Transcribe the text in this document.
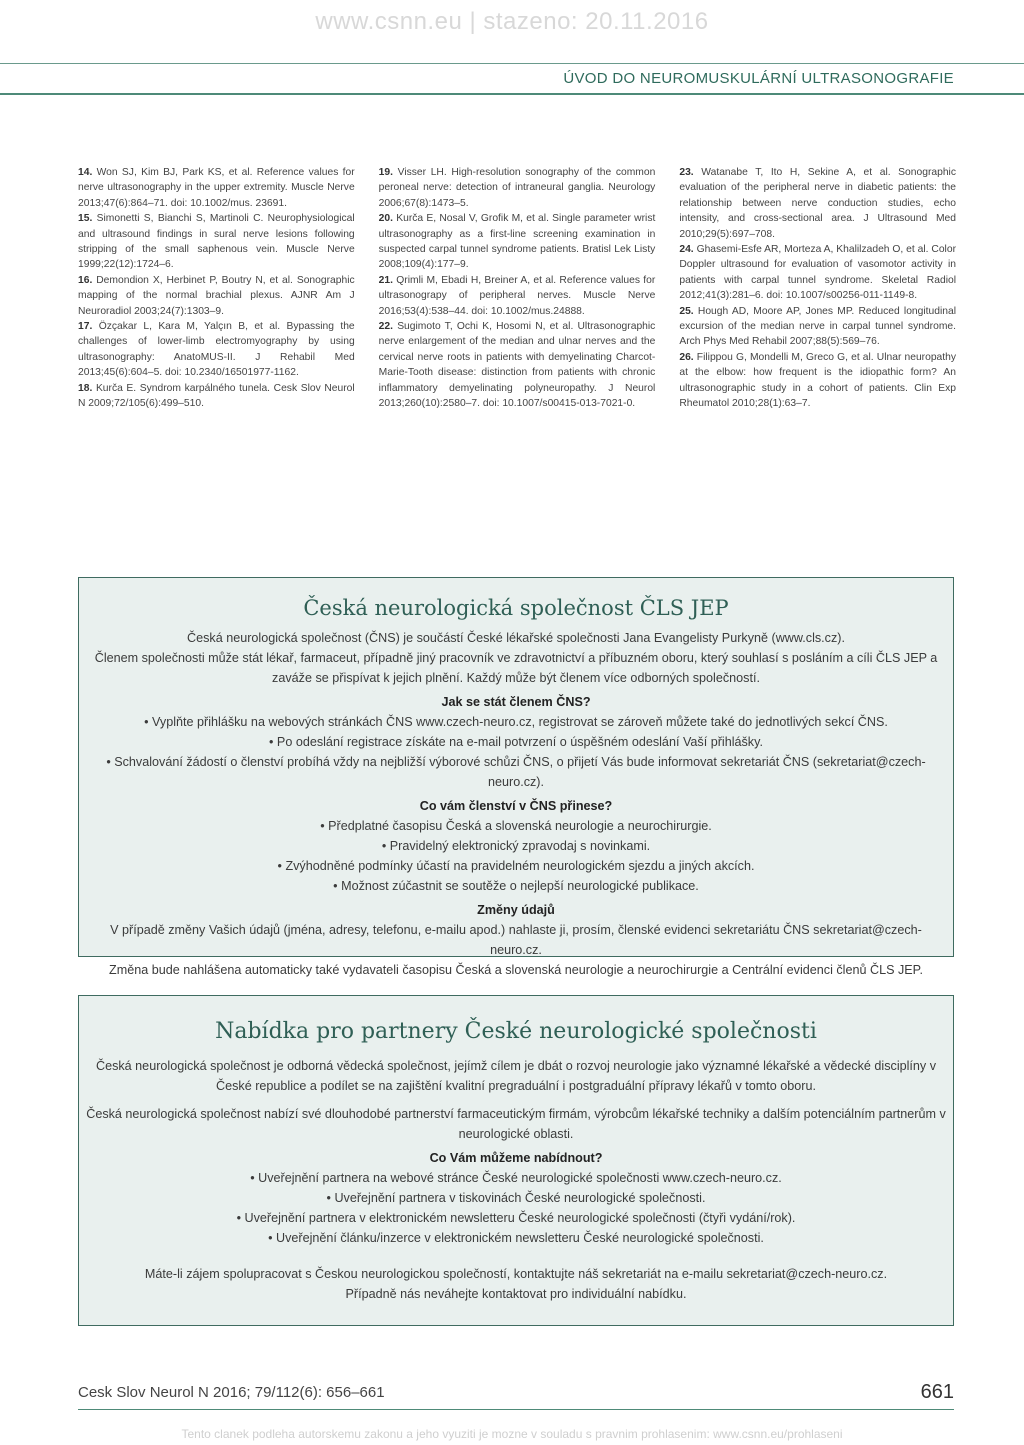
www.csnn.eu | stazeno: 20.11.2016
ÚVOD DO NEUROMUSKULÁRNÍ ULTRASONOGRAFIE

14. Won SJ, Kim BJ, Park KS, et al. Reference values for nerve ultrasonography in the upper extremity. Muscle Nerve 2013;47(6):864–71. doi: 10.1002/mus. 23691.

15. Simonetti S, Bianchi S, Martinoli C. Neurophysiological and ultrasound findings in sural nerve lesions following stripping of the small saphenous vein. Muscle Nerve 1999;22(12):1724–6.

16. Demondion X, Herbinet P, Boutry N, et al. Sonographic mapping of the normal brachial plexus. AJNR Am J Neuroradiol 2003;24(7):1303–9.

17. Özçakar L, Kara M, Yalçın B, et al. Bypassing the challenges of lower-limb electromyography by using ultrasonography: AnatoMUS-II. J Rehabil Med 2013;45(6):604–5. doi: 10.2340/16501977-1162.

18. Kurča E. Syndrom karpálného tunela. Cesk Slov Neurol N 2009;72/105(6):499–510.

19. Visser LH. High-resolution sonography of the common peroneal nerve: detection of intraneural ganglia. Neurology 2006;67(8):1473–5.

20. Kurča E, Nosal V, Grofik M, et al. Single parameter wrist ultrasonography as a first-line screening examination in suspected carpal tunnel syndrome patients. Bratisl Lek Listy 2008;109(4):177–9.

21. Qrimli M, Ebadi H, Breiner A, et al. Reference values for ultrasonograpy of peripheral nerves. Muscle Nerve 2016;53(4):538–44. doi: 10.1002/mus.24888.

22. Sugimoto T, Ochi K, Hosomi N, et al. Ultrasonographic nerve enlargement of the median and ulnar nerves and the cervical nerve roots in patients with demyelinating Charcot-Marie-Tooth disease: distinction from patients with chronic inflammatory demyelinating polyneuropathy. J Neurol 2013;260(10):2580–7. doi: 10.1007/s00415-013-7021-0.

23. Watanabe T, Ito H, Sekine A, et al. Sonographic evaluation of the peripheral nerve in diabetic patients: the relationship between nerve conduction studies, echo intensity, and cross-sectional area. J Ultrasound Med 2010;29(5):697–708.

24. Ghasemi-Esfe AR, Morteza A, Khalilzadeh O, et al. Color Doppler ultrasound for evaluation of vasomotor activity in patients with carpal tunnel syndrome. Skeletal Radiol 2012;41(3):281–6. doi: 10.1007/s00256-011-1149-8.

25. Hough AD, Moore AP, Jones MP. Reduced longitudinal excursion of the median nerve in carpal tunnel syndrome. Arch Phys Med Rehabil 2007;88(5):569–76.

26. Filippou G, Mondelli M, Greco G, et al. Ulnar neuropathy at the elbow: how frequent is the idiopathic form? An ultrasonographic study in a cohort of patients. Clin Exp Rheumatol 2010;28(1):63–7.

Česká neurologická společnost ČLS JEP

Česká neurologická společnost (ČNS) je součástí České lékařské společnosti Jana Evangelisty Purkyně (www.cls.cz).

Členem společnosti může stát lékař, farmaceut, případně jiný pracovník ve zdravotnictví a příbuzném oboru, který souhlasí s posláním a cíli ČLS JEP a zaváže se přispívat k jejich plnění. Každý může být členem více odborných společností.

Jak se stát členem ČNS?

• Vyplňte přihlášku na webových stránkách ČNS www.czech-neuro.cz, registrovat se zároveň můžete také do jednotlivých sekcí ČNS.

• Po odeslání registrace získáte na e-mail potvrzení o úspěšném odeslání Vaší přihlášky.

• Schvalování žádostí o členství probíhá vždy na nejbližší výborové schůzi ČNS, o přijetí Vás bude informovat sekretariát ČNS (sekretariat@czech-neuro.cz).

Co vám členství v ČNS přinese?

• Předplatné časopisu Česká a slovenská neurologie a neurochirurgie.

• Pravidelný elektronický zpravodaj s novinkami.

• Zvýhodněné podmínky účastí na pravidelném neurologickém sjezdu a jiných akcích.

• Možnost zúčastnit se soutěže o nejlepší neurologické publikace.

Změny údajů

V případě změny Vašich údajů (jména, adresy, telefonu, e-mailu apod.) nahlaste ji, prosím, členské evidenci sekretariátu ČNS sekretariat@czech-neuro.cz.

Změna bude nahlášena automaticky také vydavateli časopisu Česká a slovenská neurologie a neurochirurgie a Centrální evidenci členů ČLS JEP.

Nabídka pro partnery České neurologické společnosti

Česká neurologická společnost je odborná vědecká společnost, jejímž cílem je dbát o rozvoj neurologie jako významné lékařské a vědecké disciplíny v České republice a podílet se na zajištění kvalitní pregraduální i postgraduální přípravy lékařů v tomto oboru.

Česká neurologická společnost nabízí své dlouhodobé partnerství farmaceutickým firmám, výrobcům lékařské techniky a dalším potenciálním partnerům v neurologické oblasti.

Co Vám můžeme nabídnout?

• Uveřejnění partnera na webové stránce České neurologické společnosti www.czech-neuro.cz.

• Uveřejnění partnera v tiskovinách České neurologické společnosti.

• Uveřejnění partnera v elektronickém newsletteru České neurologické společnosti (čtyři vydání/rok).

• Uveřejnění článku/inzerce v elektronickém newsletteru České neurologické společnosti.

Máte-li zájem spolupracovat s Českou neurologickou společností, kontaktujte náš sekretariát na e-mailu sekretariat@czech-neuro.cz.

Případně nás neváhejte kontaktovat pro individuální nabídku.

Cesk Slov Neurol N 2016; 79/112(6): 656–661	661
Tento clanek podleha autorskemu zakonu a jeho vyuziti je mozne v souladu s pravnim prohlasenim: www.csnn.eu/prohlaseni
